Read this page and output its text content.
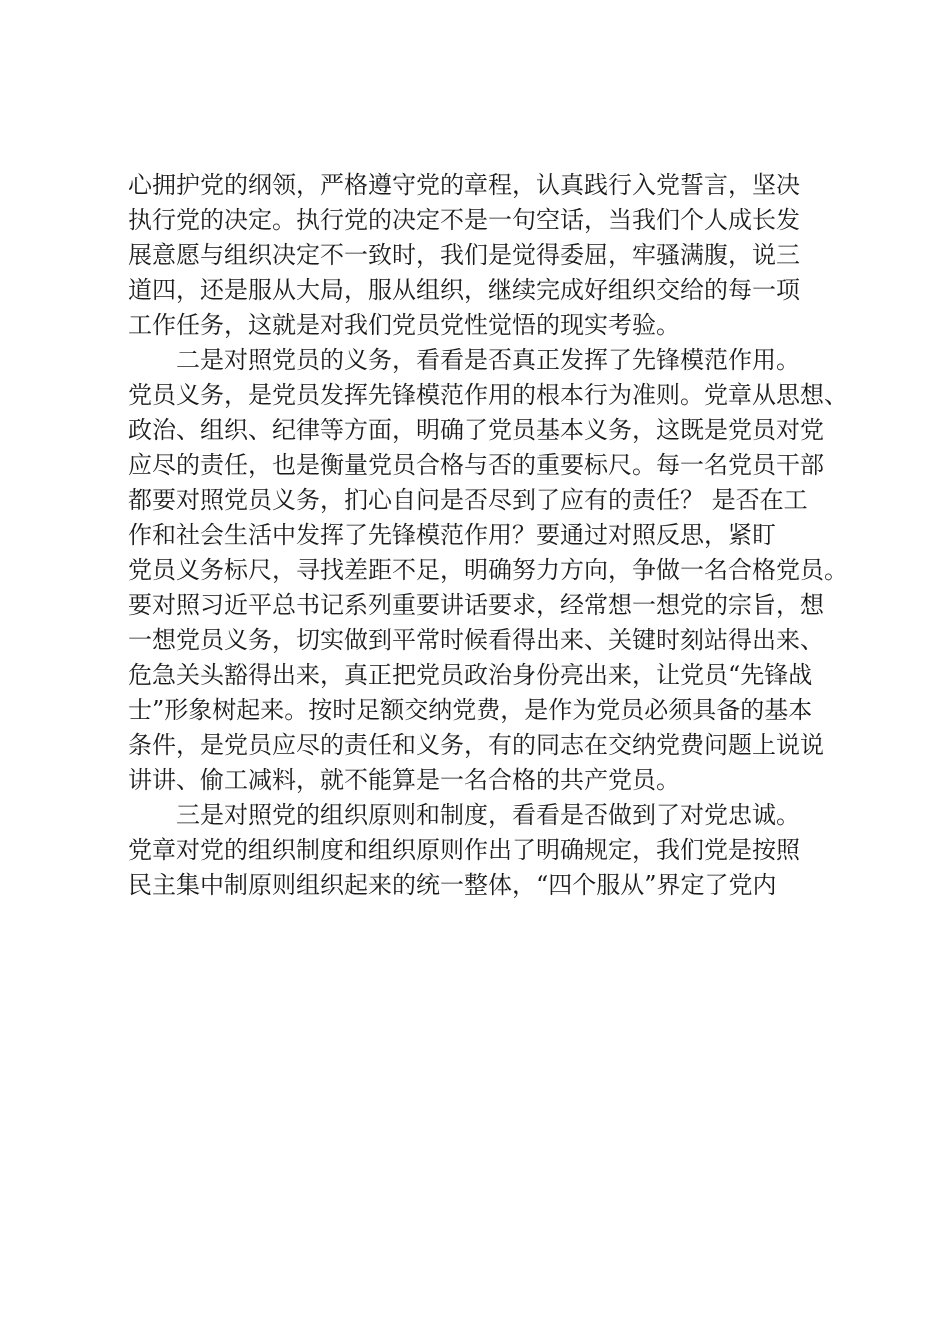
心拥护党的纲领，严格遵守党的章程，认真践行入党誓言，坚决
执行党的决定。执行党的决定不是一句空话，当我们个人成长发
展意愿与组织决定不一致时，我们是觉得委屈，牢骚满腹，说三
道四，还是服从大局，服从组织，继续完成好组织交给的每一项
工作任务，这就是对我们党员党性觉悟的现实考验。
二是对照党员的义务，看看是否真正发挥了先锋模范作用。
党员义务，是党员发挥先锋模范作用的根本行为准则。党章从思想、
政治、组织、纪律等方面，明确了党员基本义务，这既是党员对党
应尽的责任，也是衡量党员合格与否的重要标尺。每一名党员干部
都要对照党员义务，扪心自问是否尽到了应有的责任？ 是否在工
作和社会生活中发挥了先锋模范作用？要通过对照反思，紧盯
党员义务标尺，寻找差距不足，明确努力方向，争做一名合格党员。
要对照习近平总书记系列重要讲话要求，经常想一想党的宗旨，想
一想党员义务，切实做到平常时候看得出来、关键时刻站得出来、
危急关头豁得出来，真正把党员政治身份亮出来，让党员“先锋战
士”形象树起来。按时足额交纳党费，是作为党员必须具备的基本
条件，是党员应尽的责任和义务，有的同志在交纳党费问题上说说
讲讲、偷工减料，就不能算是一名合格的共产党员。
三是对照党的组织原则和制度，看看是否做到了对党忠诚。
党章对党的组织制度和组织原则作出了明确规定，我们党是按照
民主集中制原则组织起来的统一整体，“四个服从”界定了党内
